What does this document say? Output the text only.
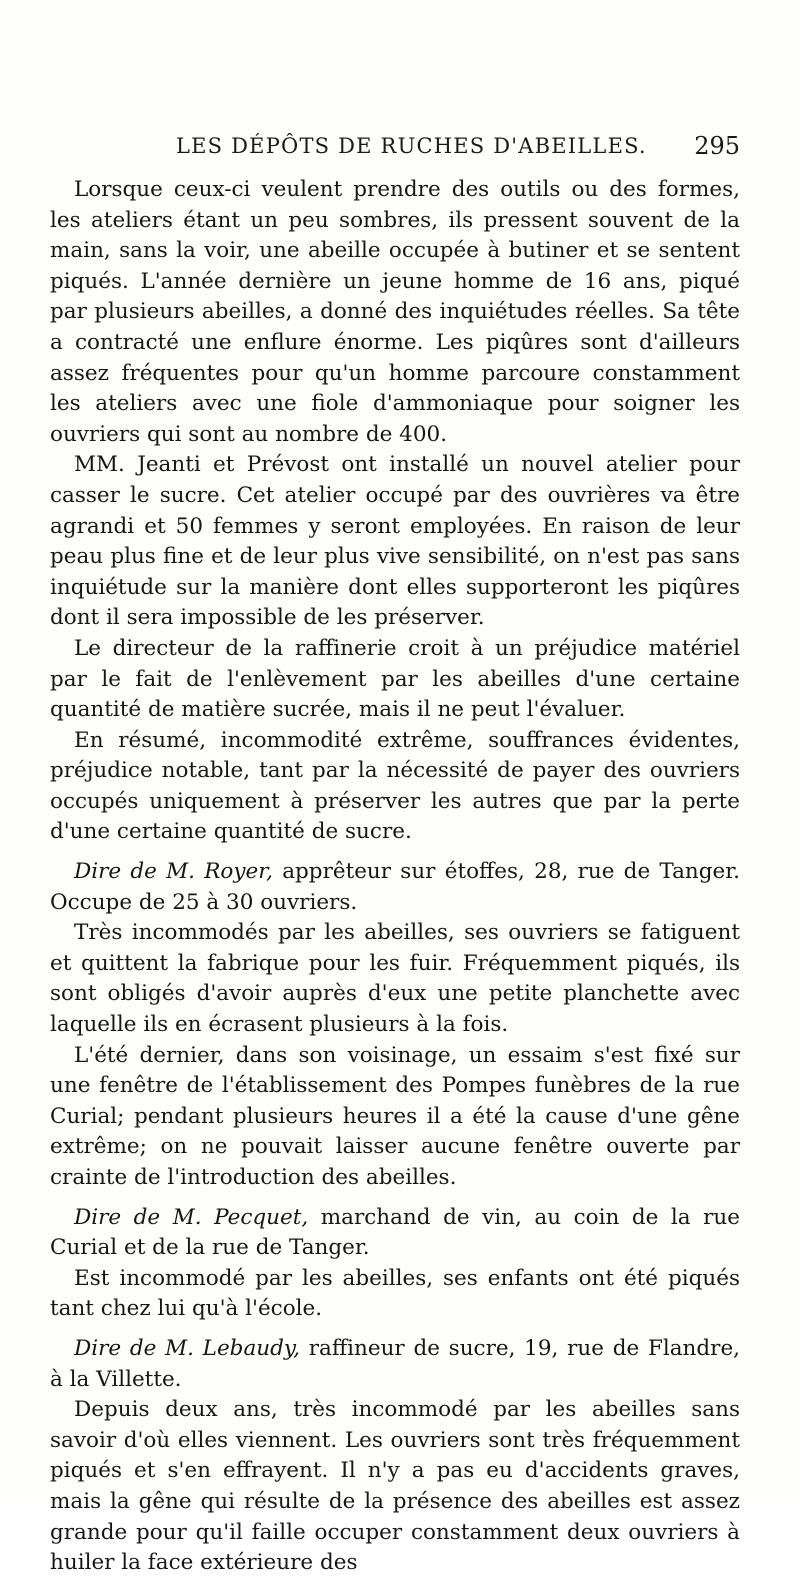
LES DÉPÔTS DE RUCHES D'ABEILLES. 295

Lorsque ceux-ci veulent prendre des outils ou des formes, les ateliers étant un peu sombres, ils pressent souvent de la main, sans la voir, une abeille occupée à butiner et se sentent piqués. L'année dernière un jeune homme de 16 ans, piqué par plusieurs abeilles, a donné des inquiétudes réelles. Sa tête a contracté une enflure énorme. Les piqûres sont d'ailleurs assez fréquentes pour qu'un homme parcoure constamment les ateliers avec une fiole d'ammoniaque pour soigner les ouvriers qui sont au nombre de 400.

MM. Jeanti et Prévost ont installé un nouvel atelier pour casser le sucre. Cet atelier occupé par des ouvrières va être agrandi et 50 femmes y seront employées. En raison de leur peau plus fine et de leur plus vive sensibilité, on n'est pas sans inquiétude sur la manière dont elles supporteront les piqûres dont il sera impossible de les préserver.

Le directeur de la raffinerie croit à un préjudice matériel par le fait de l'enlèvement par les abeilles d'une certaine quantité de matière sucrée, mais il ne peut l'évaluer.

En résumé, incommodité extrême, souffrances évidentes, préjudice notable, tant par la nécessité de payer des ouvriers occupés uniquement à préserver les autres que par la perte d'une certaine quantité de sucre.

Dire de M. Royer, apprêteur sur étoffes, 28, rue de Tanger. Occupe de 25 à 30 ouvriers.

Très incommodés par les abeilles, ses ouvriers se fatiguent et quittent la fabrique pour les fuir. Fréquemment piqués, ils sont obligés d'avoir auprès d'eux une petite planchette avec laquelle ils en écrasent plusieurs à la fois.

L'été dernier, dans son voisinage, un essaim s'est fixé sur une fenêtre de l'établissement des Pompes funèbres de la rue Curial; pendant plusieurs heures il a été la cause d'une gêne extrême; on ne pouvait laisser aucune fenêtre ouverte par crainte de l'introduction des abeilles.

Dire de M. Pecquet, marchand de vin, au coin de la rue Curial et de la rue de Tanger.

Est incommodé par les abeilles, ses enfants ont été piqués tant chez lui qu'à l'école.

Dire de M. Lebaudy, raffineur de sucre, 19, rue de Flandre, à la Villette.

Depuis deux ans, très incommodé par les abeilles sans savoir d'où elles viennent. Les ouvriers sont très fréquemment piqués et s'en effrayent. Il n'y a pas eu d'accidents graves, mais la gêne qui résulte de la présence des abeilles est assez grande pour qu'il faille occuper constamment deux ouvriers à huiler la face extérieure des
